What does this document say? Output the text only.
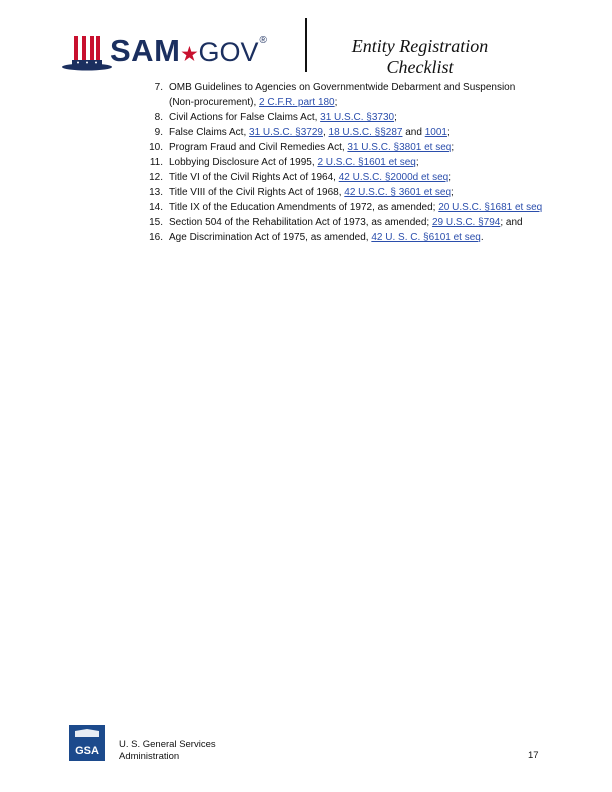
SAM★GOV®	Entity Registration
Checklist
7. OMB Guidelines to Agencies on Governmentwide Debarment and Suspension
(Non-procurement), 2 C.F.R. part 180;
8. Civil Actions for False Claims Act, 31 U.S.C. §3730;
9. False Claims Act, 31 U.S.C. §3729, 18 U.S.C. §§287 and 1001;
10. Program Fraud and Civil Remedies Act, 31 U.S.C. §3801 et seq;
11. Lobbying Disclosure Act of 1995, 2 U.S.C. §1601 et seq;
12. Title VI of the Civil Rights Act of 1964, 42 U.S.C. §2000d et seq;
13. Title VIII of the Civil Rights Act of 1968, 42 U.S.C. § 3601 et seq;
14. Title IX of the Education Amendments of 1972, as amended; 20 U.S.C. §1681 et seq
15. Section 504 of the Rehabilitation Act of 1973, as amended; 29 U.S.C. §794; and
16. Age Discrimination Act of 1975, as amended, 42 U. S. C. §6101 et seq.
GSA
U. S. General Services
Administration	17
